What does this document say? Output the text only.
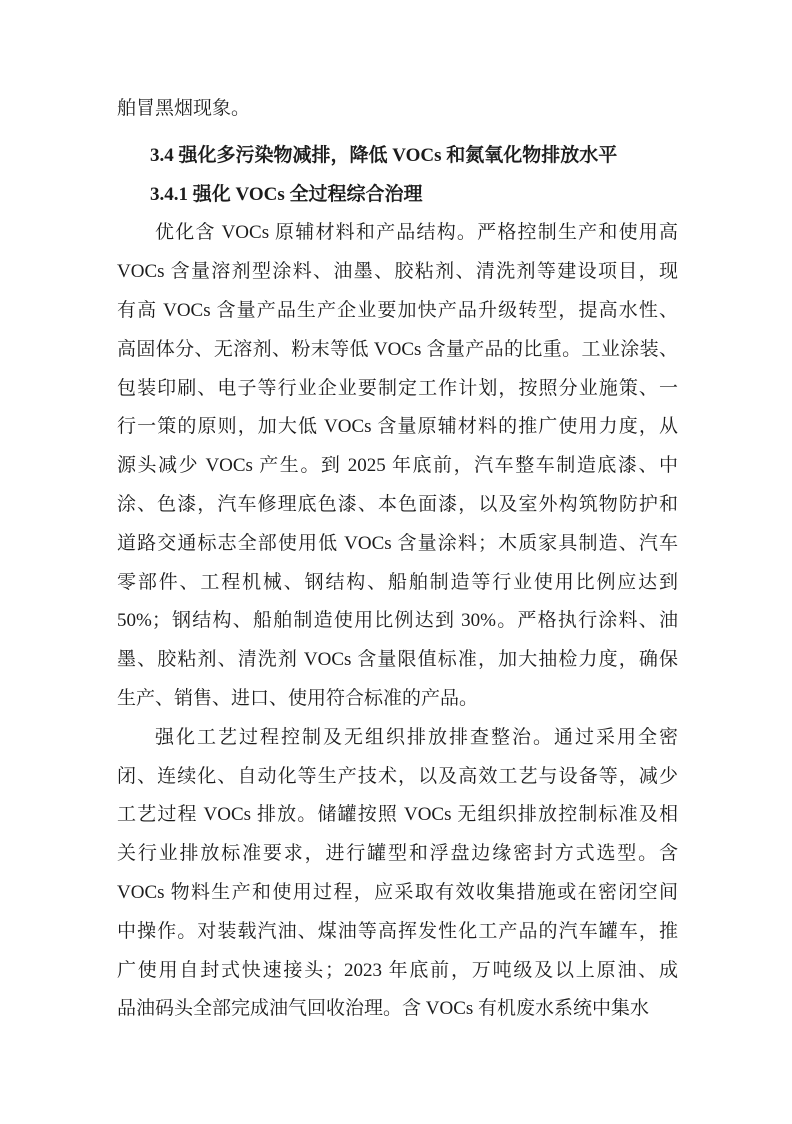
舶冒黑烟现象。
3.4 强化多污染物减排，降低 VOCs 和氮氧化物排放水平
3.4.1 强化 VOCs 全过程综合治理
优化含 VOCs 原辅材料和产品结构。严格控制生产和使用高
VOCs 含量溶剂型涂料、油墨、胶粘剂、清洗剂等建设项目，现
有高 VOCs 含量产品生产企业要加快产品升级转型，提高水性、
高固体分、无溶剂、粉末等低 VOCs 含量产品的比重。工业涂装、
包装印刷、电子等行业企业要制定工作计划，按照分业施策、一
行一策的原则，加大低 VOCs 含量原辅材料的推广使用力度，从
源头减少 VOCs 产生。到 2025 年底前，汽车整车制造底漆、中
涂、色漆，汽车修理底色漆、本色面漆，以及室外构筑物防护和
道路交通标志全部使用低 VOCs 含量涂料；木质家具制造、汽车
零部件、工程机械、钢结构、船舶制造等行业使用比例应达到
50%；钢结构、船舶制造使用比例达到 30%。严格执行涂料、油
墨、胶粘剂、清洗剂 VOCs 含量限值标准，加大抽检力度，确保
生产、销售、进口、使用符合标准的产品。
强化工艺过程控制及无组织排放排查整治。通过采用全密
闭、连续化、自动化等生产技术，以及高效工艺与设备等，减少
工艺过程 VOCs 排放。储罐按照 VOCs 无组织排放控制标准及相
关行业排放标准要求，进行罐型和浮盘边缘密封方式选型。含
VOCs 物料生产和使用过程，应采取有效收集措施或在密闭空间
中操作。对装载汽油、煤油等高挥发性化工产品的汽车罐车，推
广使用自封式快速接头；2023 年底前，万吨级及以上原油、成
品油码头全部完成油气回收治理。含 VOCs 有机废水系统中集水
